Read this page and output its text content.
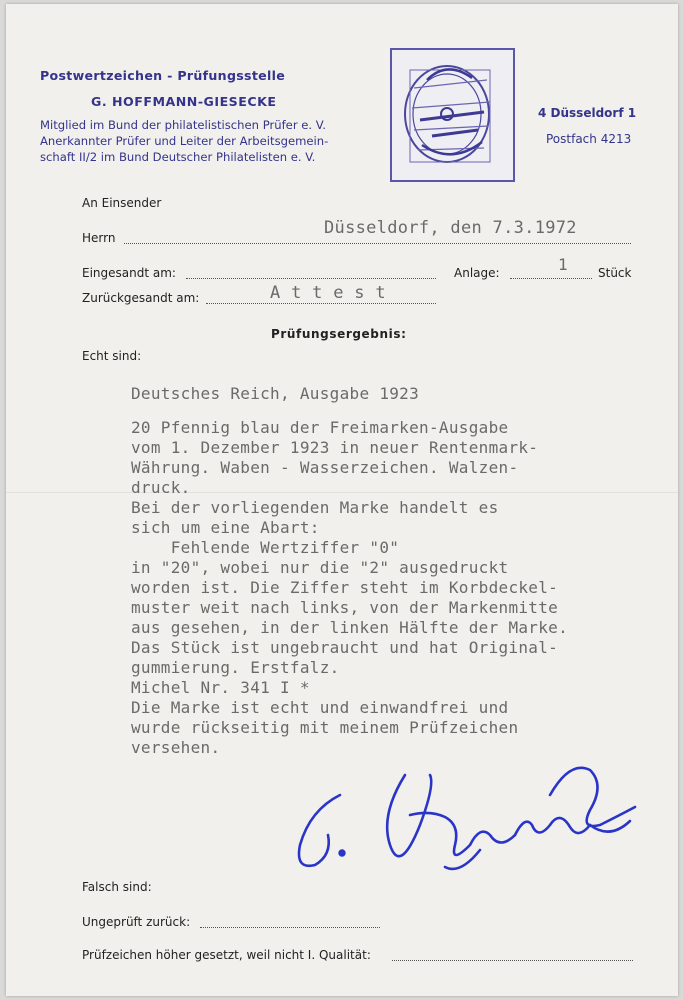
Postwertzeichen - Prüfungsstelle
G. HOFFMANN-GIESECKE
Mitglied im Bund der philatelistischen Prüfer e. V.
Anerkannter Prüfer und Leiter der Arbeitsgemein-
schaft II/2 im Bund Deutscher Philatelisten e. V.
4 Düsseldorf 1
Postfach 4213
An Einsender
Herrn	Düsseldorf, den 7.3.1972
Eingesandt am:	Anlage:	1	Stück
Zurückgesandt am:	A t t e s t
Prüfungsergebnis:
Echt sind:
Deutsches Reich, Ausgabe 1923
20 Pfennig blau der Freimarken-Ausgabe
vom 1. Dezember 1923 in neuer Rentenmark-
Währung. Waben - Wasserzeichen. Walzen-
druck.
Bei der vorliegenden Marke handelt es
sich um eine Abart:
Fehlende Wertziffer "0"
in "20", wobei nur die "2" ausgedruckt
worden ist. Die Ziffer steht im Korbdeckel-
muster weit nach links, von der Markenmitte
aus gesehen, in der linken Hälfte der Marke.
Das Stück ist ungebraucht und hat Original-
gummierung. Erstfalz.
Michel Nr. 341 I *
Die Marke ist echt und einwandfrei und
wurde rückseitig mit meinem Prüfzeichen
versehen.
Falsch sind:
Ungeprüft zurück:
Prüfzeichen höher gesetzt, weil nicht I. Qualität:
